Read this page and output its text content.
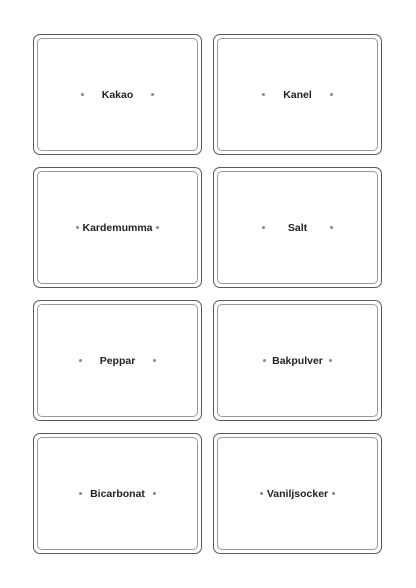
Kakao	Kanel
Kardemumma	Salt
Peppar	Bakpulver
Bicarbonat	Vaniljsocker
